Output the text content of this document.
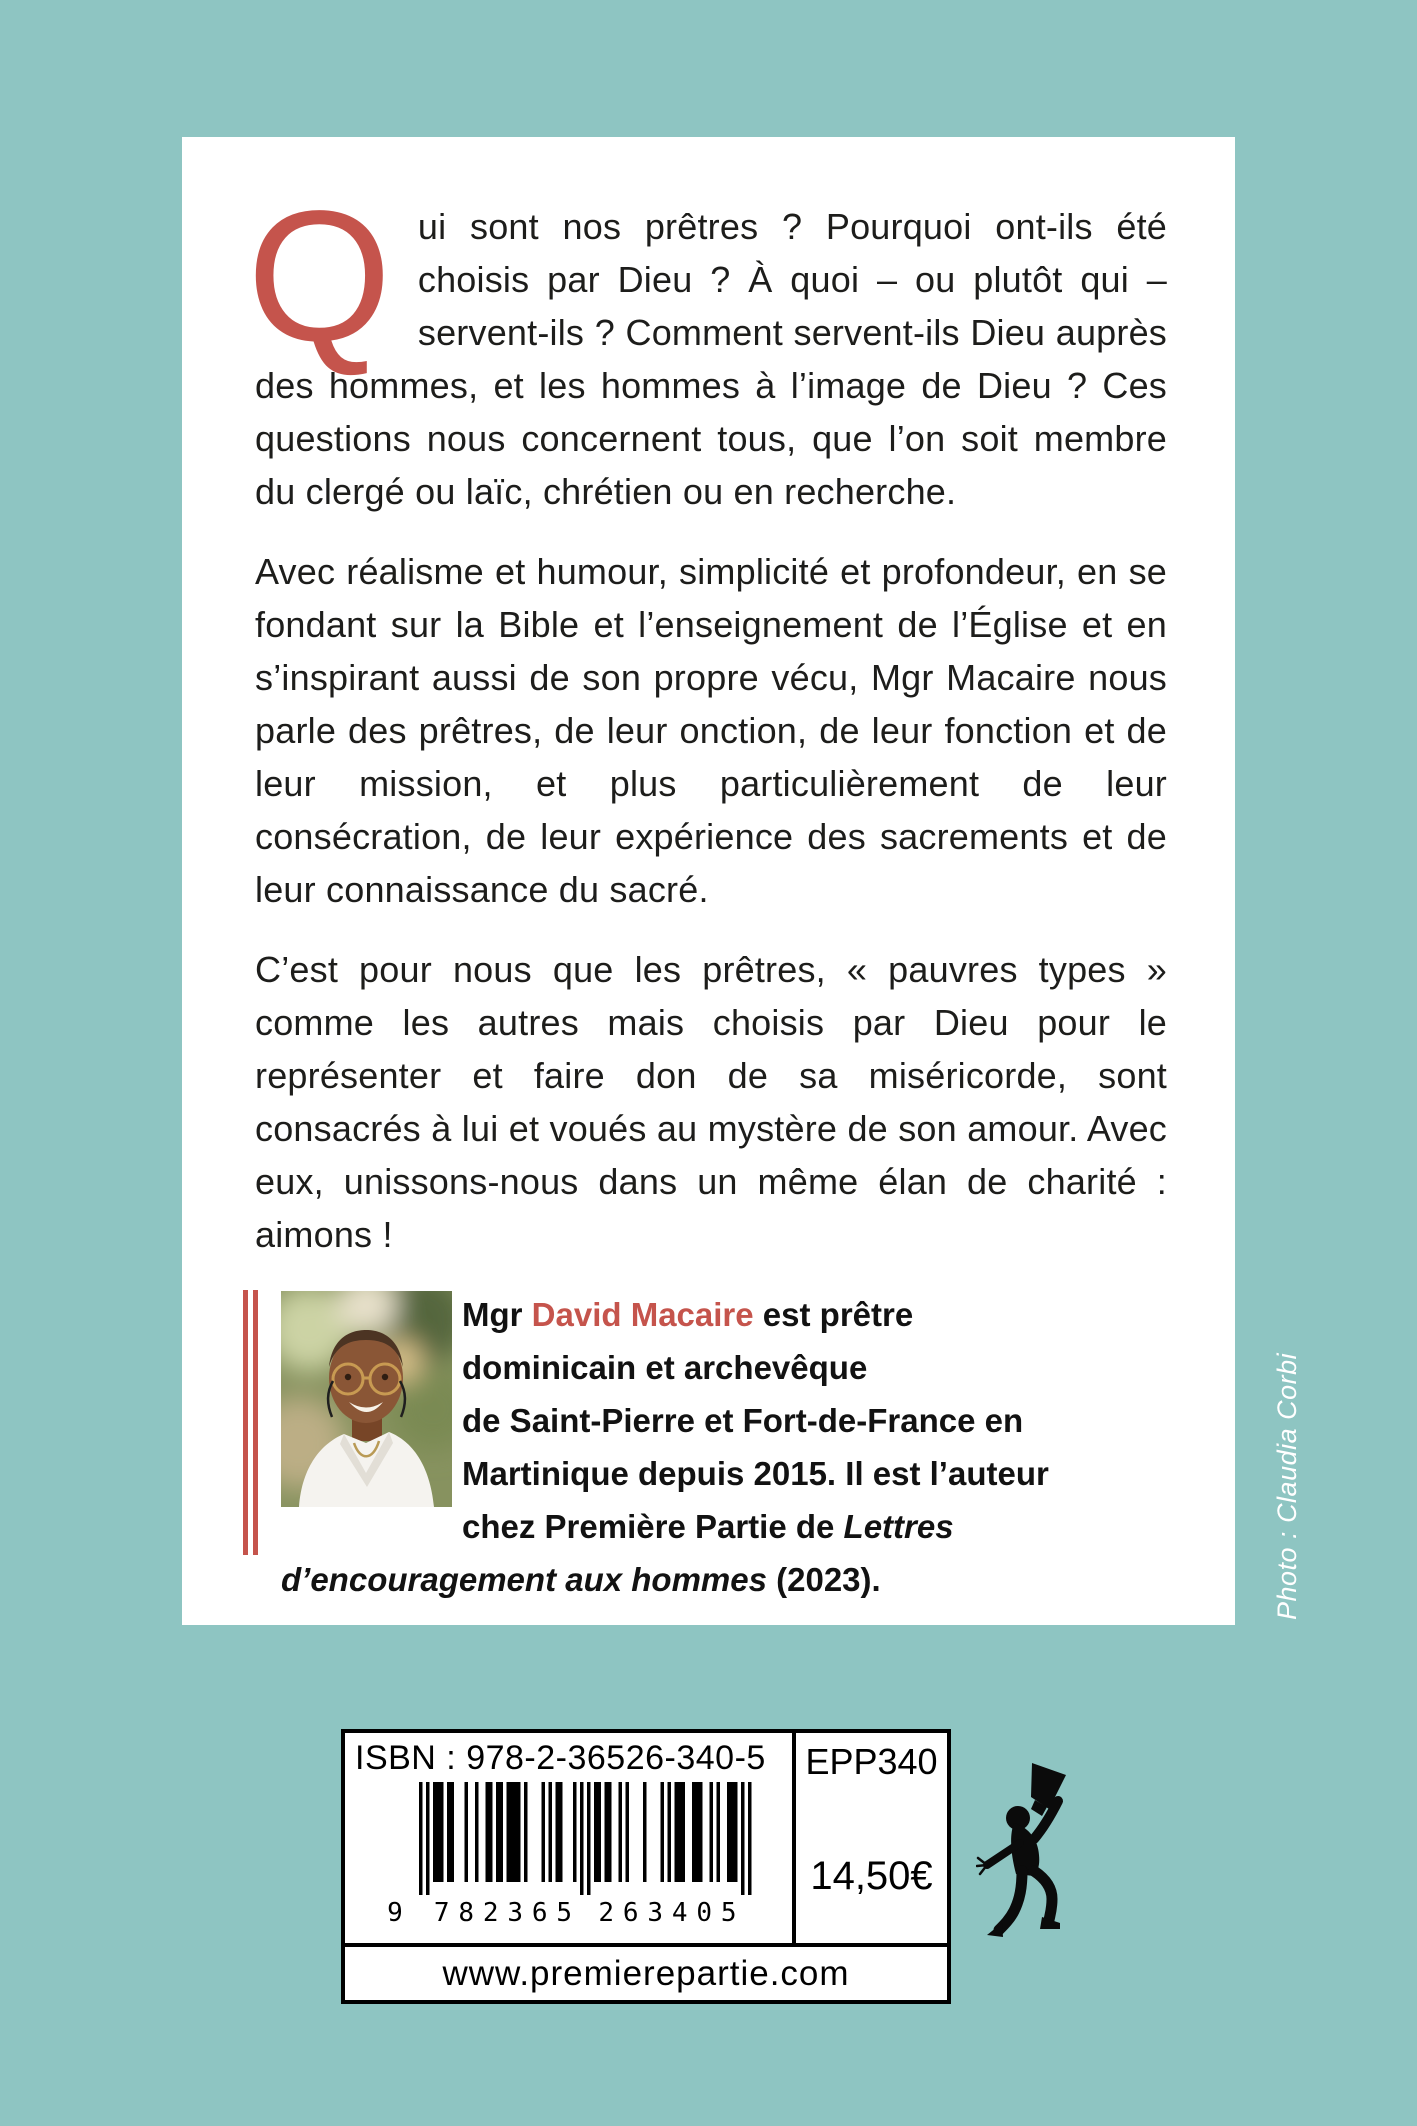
Qui sont nos prêtres ? Pourquoi ont-ils été choisis par Dieu ? À quoi – ou plutôt qui – servent-ils ? Comment servent-ils Dieu auprès des hommes, et les hommes à l’image de Dieu ? Ces questions nous concernent tous, que l’on soit membre du clergé ou laïc, chrétien ou en recherche.

Avec réalisme et humour, simplicité et profondeur, en se fondant sur la Bible et l’enseignement de l’Église et en s’inspirant aussi de son propre vécu, Mgr Macaire nous parle des prêtres, de leur onction, de leur fonction et de leur mission, et plus particulièrement de leur consécration, de leur expérience des sacrements et de leur connaissance du sacré.

C’est pour nous que les prêtres, « pauvres types » comme les autres mais choisis par Dieu pour le représenter et faire don de sa miséricorde, sont consacrés à lui et voués au mystère de son amour. Avec eux, unissons-nous dans un même élan de charité : aimons !

Mgr David Macaire est prêtre
dominicain et archevêque
de Saint-Pierre et Fort-de-France en
Martinique depuis 2015. Il est l’auteur
chez Première Partie de Lettres
d’encouragement aux hommes (2023).	Photo : Claudia Corbi
ISBN : 978-2-36526-340-5
9 7 8 2 3 6 5 2 6 3 4 0 5
EPP340
14,50€
www.premierepartie.com
